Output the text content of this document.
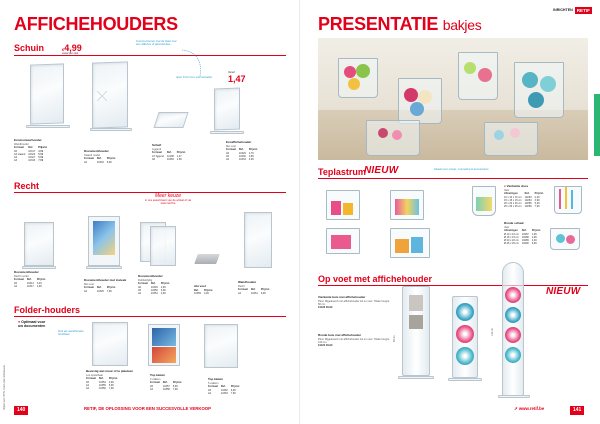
AFFICHEHOUDERS
Schuin	€4,99
vanaf per stuk
Communiceren met de klant met een affiches of advertenties...
open front voor snel wisselen
Vanaf
1,47
Ecomomuurhouder
Wandhouder
Formaat	Ref.	Prijs/st.
A5	10317	4,99
A4 staand	10324	5,99
A4	10327	5,99
A3	10343	7,99
Documenthouder
Staand model
Formaat	Ref.	Prijs/st.
A4	10318	5,99
Schuif
Liggend
Formaat	Ref.	Prijs/st.
A7 liggend	12198	1,47
A6	10383	1,99
Ecoaffichehouder
Met voet
Formaat	Ref.	Prijs/st.
A6	10329	2,79
A5	10330	3,99
A4	10333	4,99
Recht
Meer keuze
in ons assortiment van de winkel of via www.retif.be
Documenthouder
Recht model
Formaat	Ref.	Prijs/st.
A5	10313	3,49
A4	10317	4,99
Documenthouder met insteek
Met voet
Formaat	Ref.	Prijs/st.
A4	10325	7,99
Documenthouder
Dubbelzijdig
Formaat	Ref.	Prijs/st.
A6	10349	2,99
A5	10350	3,99
A4	10351	4,99
Alu voet
Ref.	Prijs/st.
10359	3,49
Wandhouder
Recht
Formaat	Ref.	Prijs/st.
A4	10361	6,99
Folder-houders
● Optimaal voor uw documenten
Ook als wandhouder bruikbaar
Bevestig aan muur of te plaatsen
Los opstelbaar
Formaat	Ref.	Prijs/st.
A5	10354	4,99
A4	10355	5,99
A4	10356	7,99
Top katum
3 vakken
Formaat	Ref.	Prijs/st.
A5	10357	5,99
A4	10358	7,99
Top katum
5 vakken
Formaat	Ref.	Prijs/st.
A5	10362	6,99
A4	10363	7,99
Prijzen excl. BTW. Foto's niet contractueel.	140	RETIF, DE OPLOSSING VOOR EEN SUCCESVOLLE VERKOOP
INRICHTEN RETIF
PRESENTATIE bakjes
Teplastrum
NIEUW	Ideaal voor snoep, cosmetica & accessoires
● Vierkante doos
Vast
Afmetingen	Ref.	Prijs/st.
10 x 10 x 10 cm	19283	2,49
15 x 15 x 15 cm	19284	3,99
20 x 20 x 20 cm	19285	5,49
25 x 25 x 25 cm	19286	7,99
Ronde schaal
Vast
Afmetingen	Ref.	Prijs/st.
Ø 10 x 10 cm	19287	1,99
Ø 15 x 15 cm	19288	2,99
Ø 20 x 20 cm	19289	4,49
Ø 25 x 25 cm	19290	6,99
Op voet met affichehouder
Vierkante buis met affichehouder
Plexi. Bijgeleverd met affichehouder A4 en voet. Totale hoogte 80 cm.
19423 39,90
Ronde buis met affichehouder
Plexi. Bijgeleverd met affichehouder A4 en voet. Totale hoogte 120 cm.
19424 39,90
80 cm
120 cm
NIEUW
➚ www.retif.be	141
